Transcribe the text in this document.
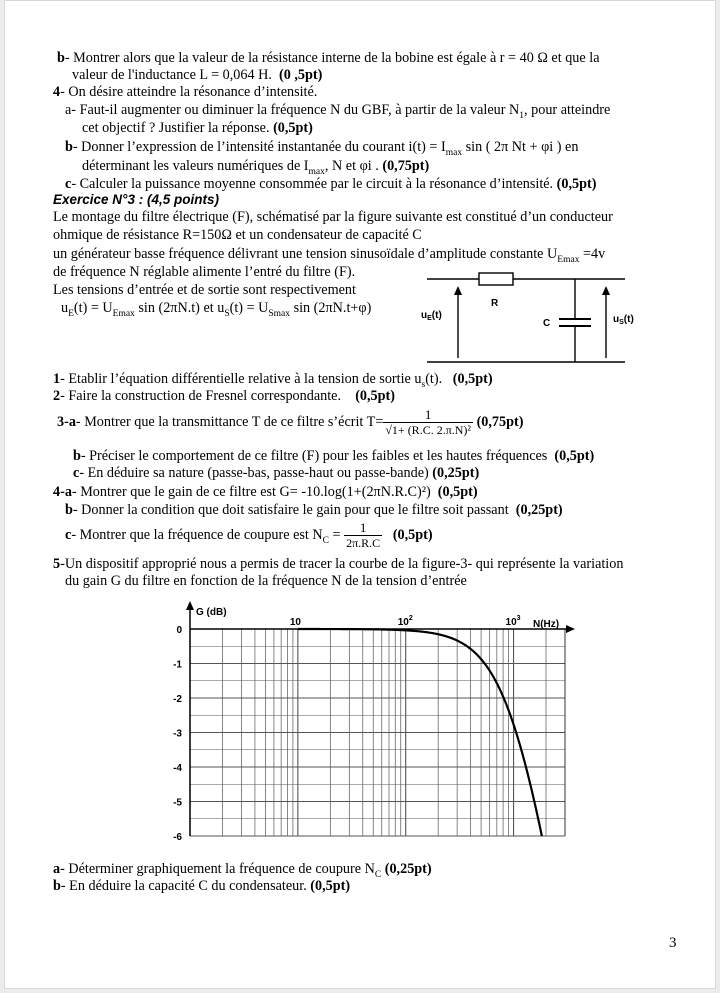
b- Montrer alors que la valeur de la résistance interne de la bobine est égale à r = 40 Ω et que la
valeur de l'inductance L = 0,064 H. (0 ,5pt)
4- On désire atteindre la résonance d’intensité.
a- Faut-il augmenter ou diminuer la fréquence N du GBF, à partir de la valeur $N_1$, pour atteindre
cet objectif ? Justifier la réponse. (0,5pt)
b- Donner l’expression de l’intensité instantanée du courant $i(t) = I_{max}$ sin ( 2π Nt + φi ) en
déterminant les valeurs numériques de $I_{max}$, N et φi . (0,75pt)
c- Calculer la puissance moyenne consommée par le circuit à la résonance d’intensité. (0,5pt)
Exercice N°3 : (4,5 points)
Le montage du filtre électrique (F), schématisé par la figure suivante est constitué d’un conducteur
ohmique de résistance R=150Ω et un condensateur de capacité C
un générateur basse fréquence délivrant une tension sinusoïdale d’amplitude constante $U_{Emax} =4v$
de fréquence N réglable alimente l’entré du filtre (F).
Les tensions d’entrée et de sortie sont respectivement
$u_E(t) = U_{Emax}$ sin (2πN.t) et $u_S(t) = U_{Smax}$ sin (2πN.t+φ)	R
C
$u_E(t)$	$u_S(t)$
1- Etablir l’équation différentielle relative à la tension de sortie $u_s(t)$. (0,5pt)
2- Faire la construction de Fresnel correspondante. (0,5pt)
3-a- Montrer que la transmittance T de ce filtre s’écrit $T= \frac{1}{\text{√1+ (R.C. 2.π.N)²}} (0,75pt)$
b- Préciser le comportement de ce filtre (F) pour les faibles et les hautes fréquences (0,5pt)
c- En déduire sa nature (passe-bas, passe-haut ou passe-bande) (0,25pt)
4-a- Montrer que le gain de ce filtre est G= -10.log(1+(2πN.R.C)²) (0,5pt)
b- Donner la condition que doit satisfaire le gain pour que le filtre soit passant (0,25pt)
c- Montrer que la fréquence de coupure est $N_C = \frac{1}{2\pi.R.C} (0,5pt)$
5-Un dispositif approprié nous a permis de tracer la courbe de la figure-3- qui représente la variation
du gain G du filtre en fonction de la fréquence N de la tension d’entrée
0
-1
-2
-3
-4
-5
-6
10	$10^2$	$10^3$
G (dB)
N(Hz)
a- Déterminer graphiquement la fréquence de coupure $N_C$ (0,25pt)
b- En déduire la capacité C du condensateur. (0,5pt)
3
